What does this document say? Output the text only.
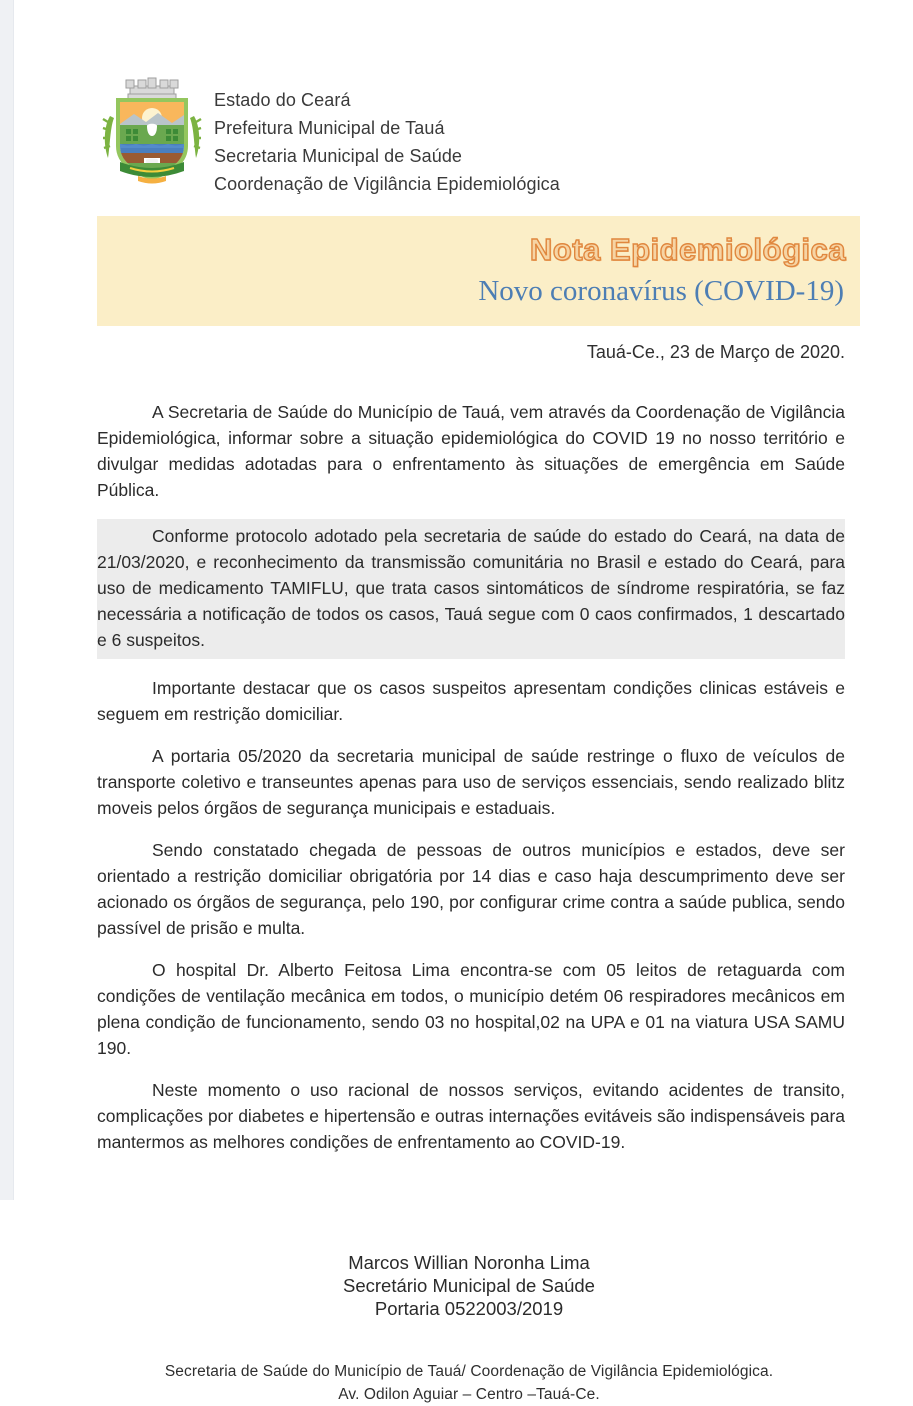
Estado do Ceará
Prefeitura Municipal de Tauá
Secretaria Municipal de Saúde
Coordenação de Vigilância Epidemiológica
Nota Epidemiológica
Novo coronavírus (COVID-19)
Tauá-Ce., 23 de Março de 2020.

A Secretaria de Saúde do Município de Tauá, vem através da Coordenação de Vigilância Epidemiológica, informar sobre a situação epidemiológica do COVID 19 no nosso território e divulgar medidas adotadas para o enfrentamento às situações de emergência em Saúde Pública.

Conforme protocolo adotado pela secretaria de saúde do estado do Ceará, na data de 21/03/2020, e reconhecimento da transmissão comunitária no Brasil e estado do Ceará, para uso de medicamento TAMIFLU, que trata casos sintomáticos de síndrome respiratória, se faz necessária a notificação de todos os casos, Tauá segue com 0 caos confirmados, 1 descartado e 6 suspeitos.

Importante destacar que os casos suspeitos apresentam condições clinicas estáveis e seguem em restrição domiciliar.

A portaria 05/2020 da secretaria municipal de saúde restringe o fluxo de veículos de transporte coletivo e transeuntes apenas para uso de serviços essenciais, sendo realizado blitz moveis pelos órgãos de segurança municipais e estaduais.

Sendo constatado chegada de pessoas de outros municípios e estados, deve ser orientado a restrição domiciliar obrigatória por 14 dias e caso haja descumprimento deve ser acionado os órgãos de segurança, pelo 190, por configurar crime contra a saúde publica, sendo passível de prisão e multa.

O hospital Dr. Alberto Feitosa Lima encontra-se com 05 leitos de retaguarda com condições de ventilação mecânica em todos, o município detém 06 respiradores mecânicos em plena condição de funcionamento, sendo 03 no hospital,02 na UPA e 01 na viatura USA SAMU 190.

Neste momento o uso racional de nossos serviços, evitando acidentes de transito, complicações por diabetes e hipertensão e outras internações evitáveis são indispensáveis para mantermos as melhores condições de enfrentamento ao COVID-19.

Marcos Willian Noronha Lima
Secretário Municipal de Saúde
Portaria 0522003/2019
Secretaria de Saúde do Município de Tauá/ Coordenação de Vigilância Epidemiológica.
Av. Odilon Aguiar – Centro –Tauá-Ce.
